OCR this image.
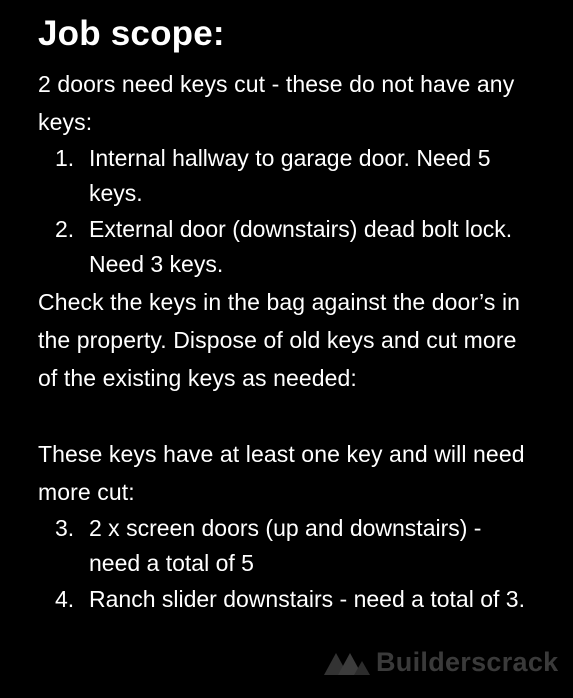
Job scope:

2 doors need keys cut - these do not have any keys:

1. Internal hallway to garage door. Need 5 keys.
2. External door (downstairs) dead bolt lock. Need 3 keys.

Check the keys in the bag against the door’s in the property. Dispose of old keys and cut more of the existing keys as needed:

These keys have at least one key and will need more cut:

3. 2 x screen doors (up and downstairs) - need a total of 5
4. Ranch slider downstairs - need a total of 3.
Builderscrack
